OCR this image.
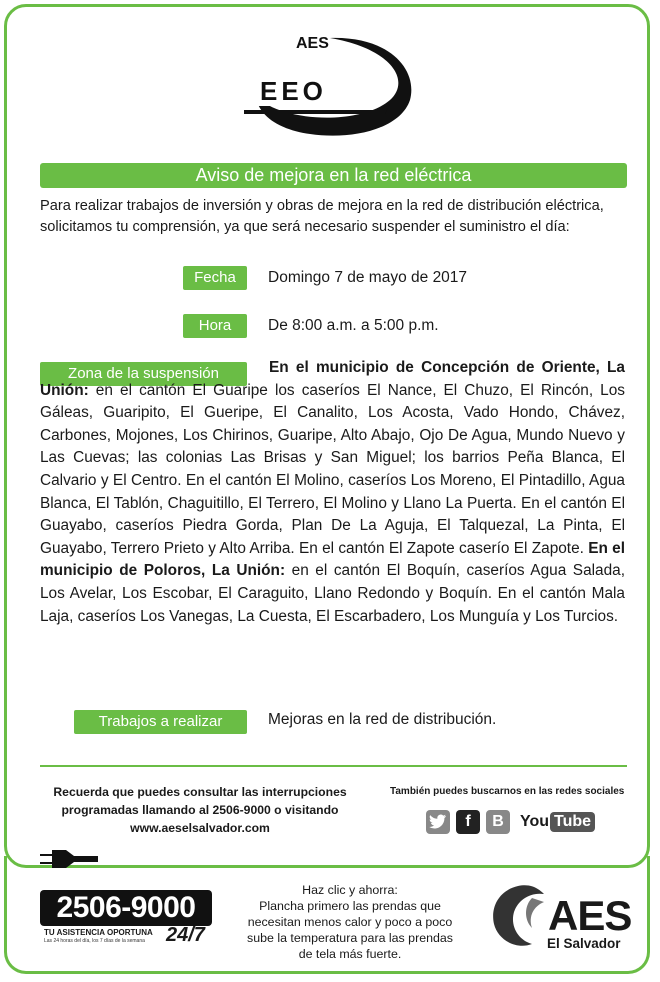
AES
EEO
Aviso de mejora en la red eléctrica
Para realizar trabajos de inversión y obras de mejora en la red de distribución eléctrica, solicitamos tu comprensión, ya que será necesario suspender el suministro el día:
Fecha	Domingo 7 de mayo de 2017
Hora	De 8:00 a.m. a 5:00 p.m.
Zona de la suspensión	En el municipio de Concepción de Oriente, La Unión: en el cantón El Guaripe los caseríos El Nance, El Chuzo, El Rincón, Los Gáleas, Guaripito, El Gueripe, El Canalito, Los Acosta, Vado Hondo, Chávez, Carbones, Mojones, Los Chirinos, Guaripe, Alto Abajo, Ojo De Agua, Mundo Nuevo y Las Cuevas; las colonias Las Brisas y San Miguel; los barrios Peña Blanca, El Calvario y El Centro. En el cantón El Molino, caseríos Los Moreno, El Pintadillo, Agua Blanca, El Tablón, Chaguitillo, El Terrero, El Molino y Llano La Puerta. En el cantón El Guayabo, caseríos Piedra Gorda, Plan De La Aguja, El Talquezal, La Pinta, El Guayabo, Terrero Prieto y Alto Arriba. En el cantón El Zapote caserío El Zapote. En el municipio de Poloros, La Unión: en el cantón El Boquín, caseríos Agua Salada, Los Avelar, Los Escobar, El Caraguito, Llano Redondo y Boquín. En el cantón Mala Laja, caseríos Los Vanegas, La Cuesta, El Escarbadero, Los Munguía y Los Turcios.
Trabajos a realizar	Mejoras en la red de distribución.
Recuerda que puedes consultar las interrupciones
programadas llamando al 2506-9000 o visitando
www.aeselsalvador.com
También puedes buscarnos en las redes sociales
f	B	You Tube
2506-9000
TU ASISTENCIA OPORTUNA
Las 24 horas del día, los 7 días de la semana 24/7
Haz clic y ahorra:
Plancha primero las prendas que
necesitan menos calor y poco a poco
sube la temperatura para las prendas
de tela más fuerte.
AES
El Salvador
